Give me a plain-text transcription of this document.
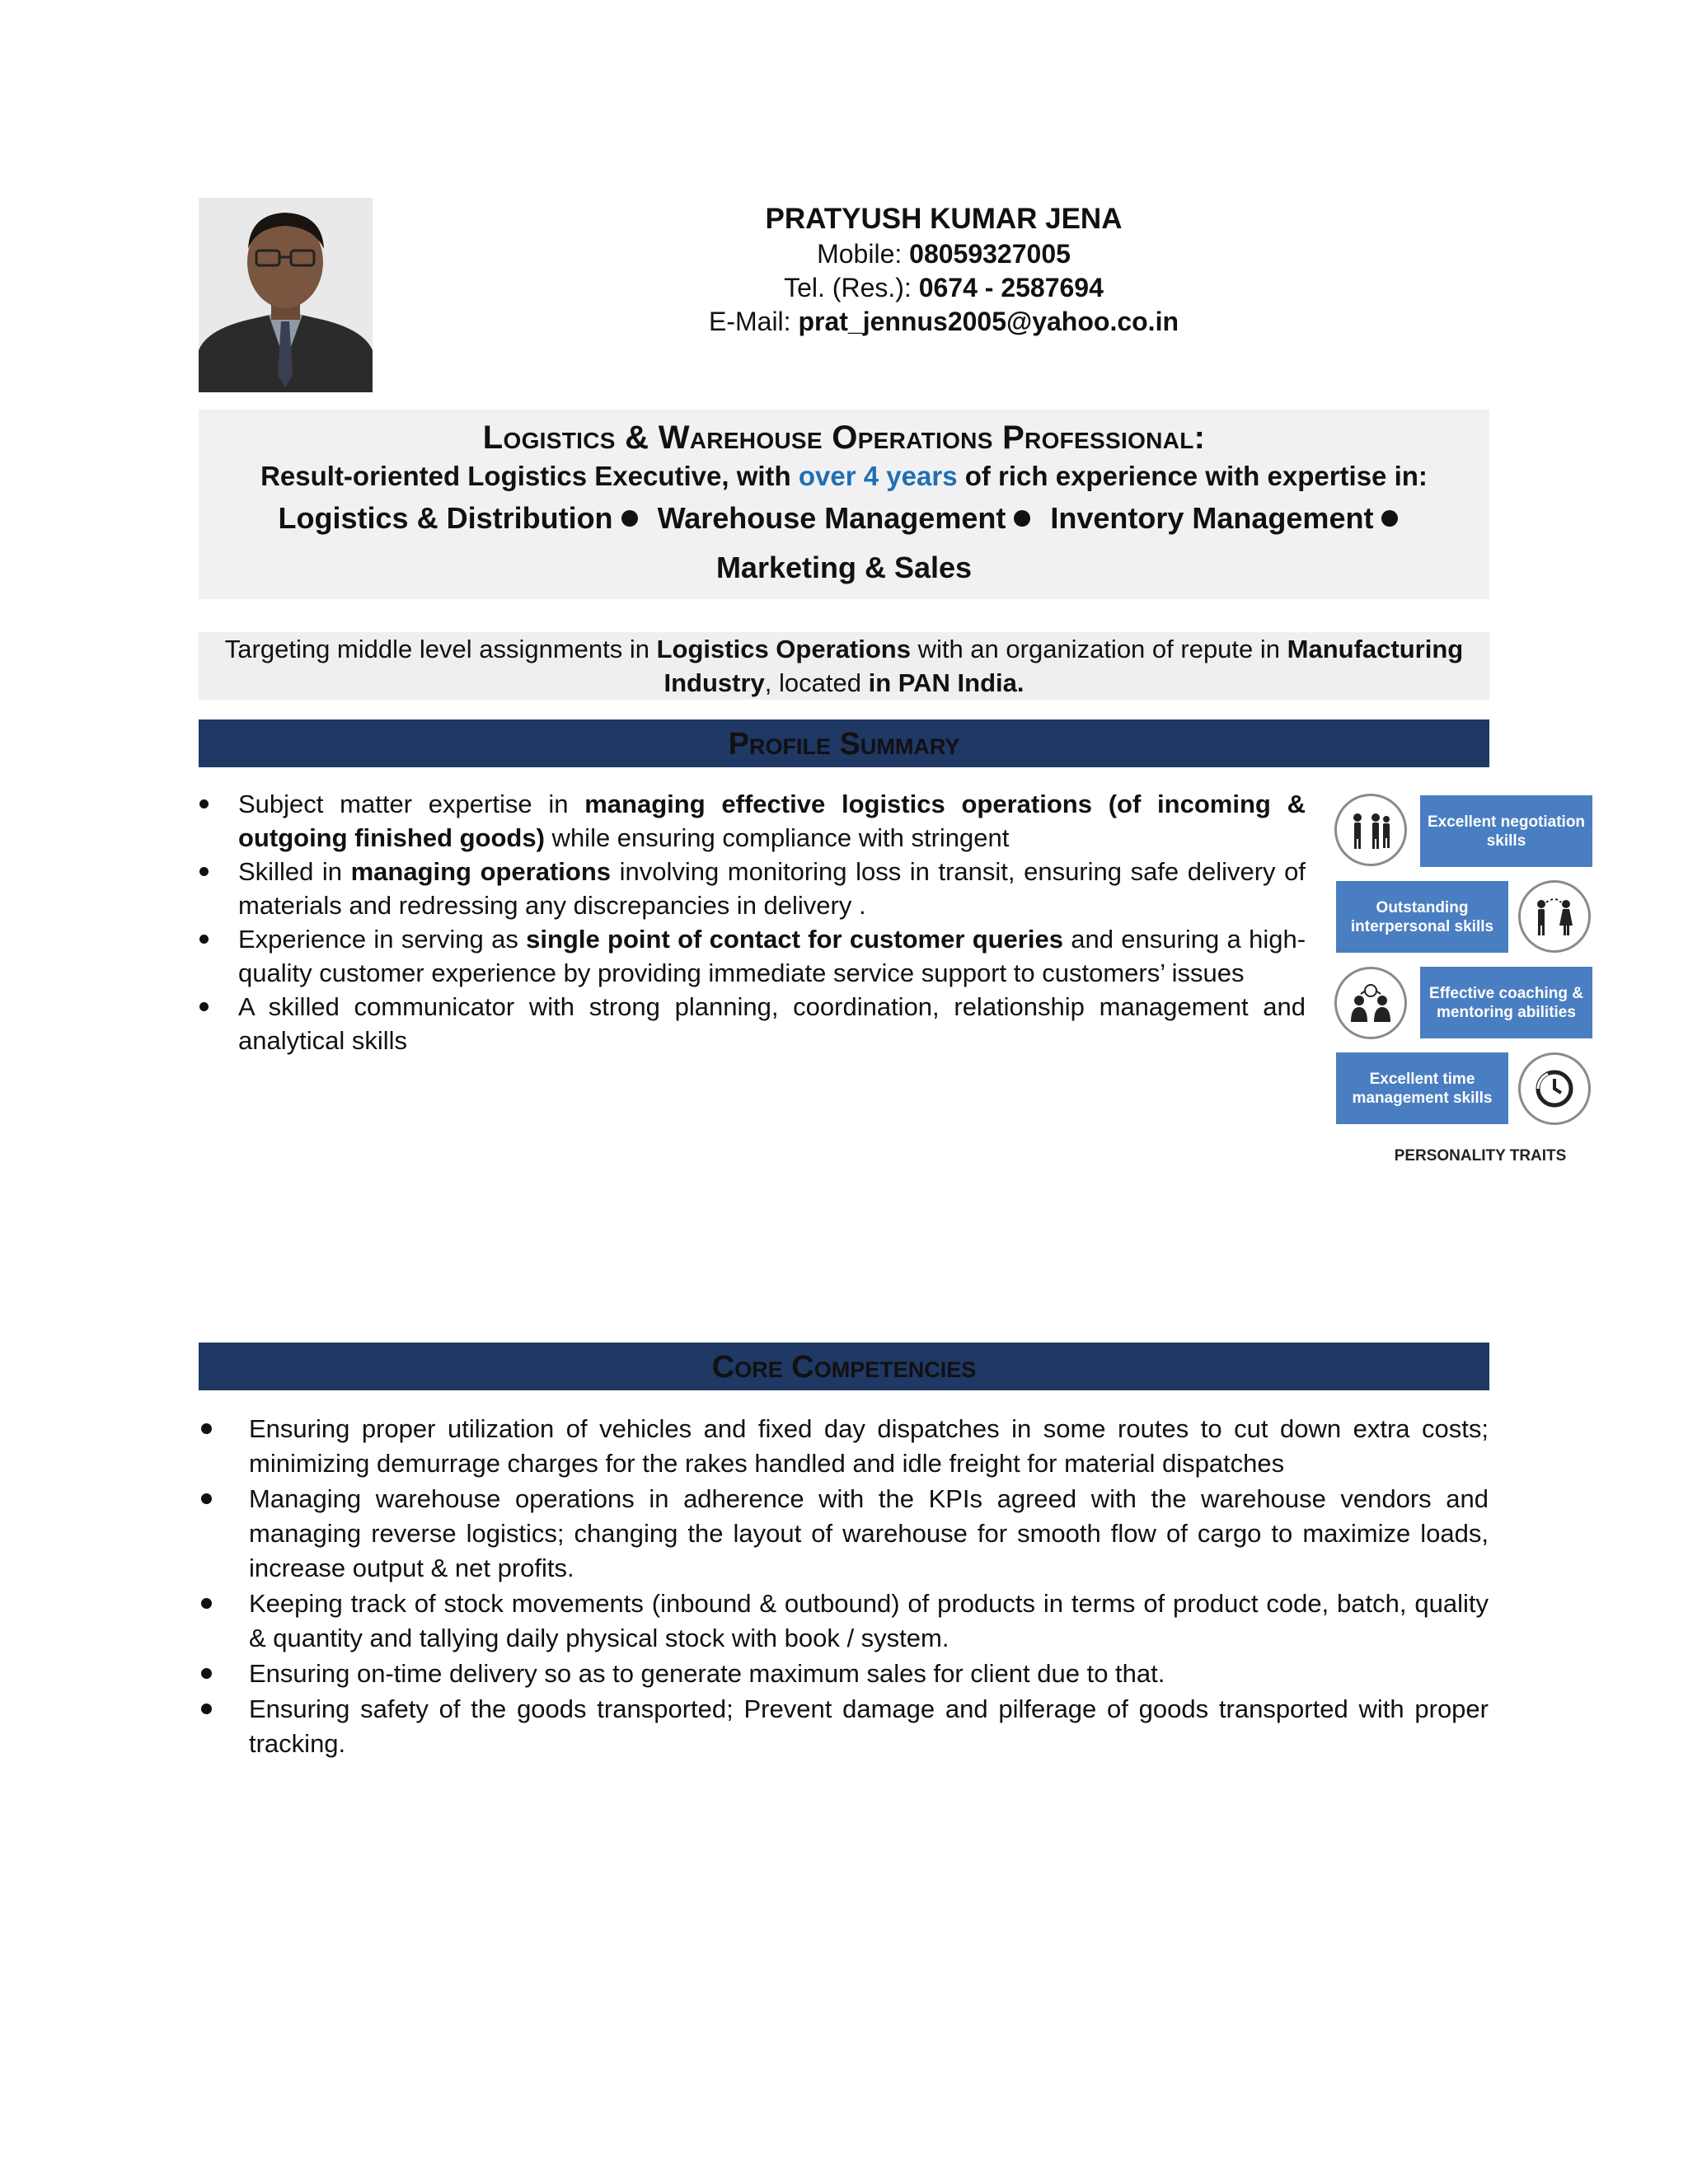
PRATYUSH KUMAR JENA
Mobile: 08059327005
Tel. (Res.): 0674 - 2587694
E-Mail: prat_jennus2005@yahoo.co.in
Logistics & Warehouse Operations Professional:
Result-oriented Logistics Executive, with over 4 years of rich experience with expertise in:
Logistics & Distribution Warehouse Management Inventory Management Marketing & Sales
Targeting middle level assignments in Logistics Operations with an organization of repute in Manufacturing Industry, located in PAN India.
Profile Summary
Subject matter expertise in managing effective logistics operations (of incoming & outgoing finished goods) while ensuring compliance with stringent
Skilled in managing operations involving monitoring loss in transit, ensuring safe delivery of materials and redressing any discrepancies in delivery .
Experience in serving as single point of contact for customer queries and ensuring a high-quality customer experience by providing immediate service support to customers’ issues
A skilled communicator with strong planning, coordination, relationship management and analytical skills
Excellent negotiation skills
Outstanding interpersonal skills
Effective coaching & mentoring abilities
Excellent time management skills
PERSONALITY TRAITS
Core Competencies
Ensuring proper utilization of vehicles and fixed day dispatches in some routes to cut down extra costs; minimizing demurrage charges for the rakes handled and idle freight for material dispatches
Managing warehouse operations in adherence with the KPIs agreed with the warehouse vendors and managing reverse logistics; changing the layout of warehouse for smooth flow of cargo to maximize loads, increase output & net profits.
Keeping track of stock movements (inbound & outbound) of products in terms of product code, batch, quality & quantity and tallying daily physical stock with book / system.
Ensuring on-time delivery so as to generate maximum sales for client due to that.
Ensuring safety of the goods transported; Prevent damage and pilferage of goods transported with proper tracking.
